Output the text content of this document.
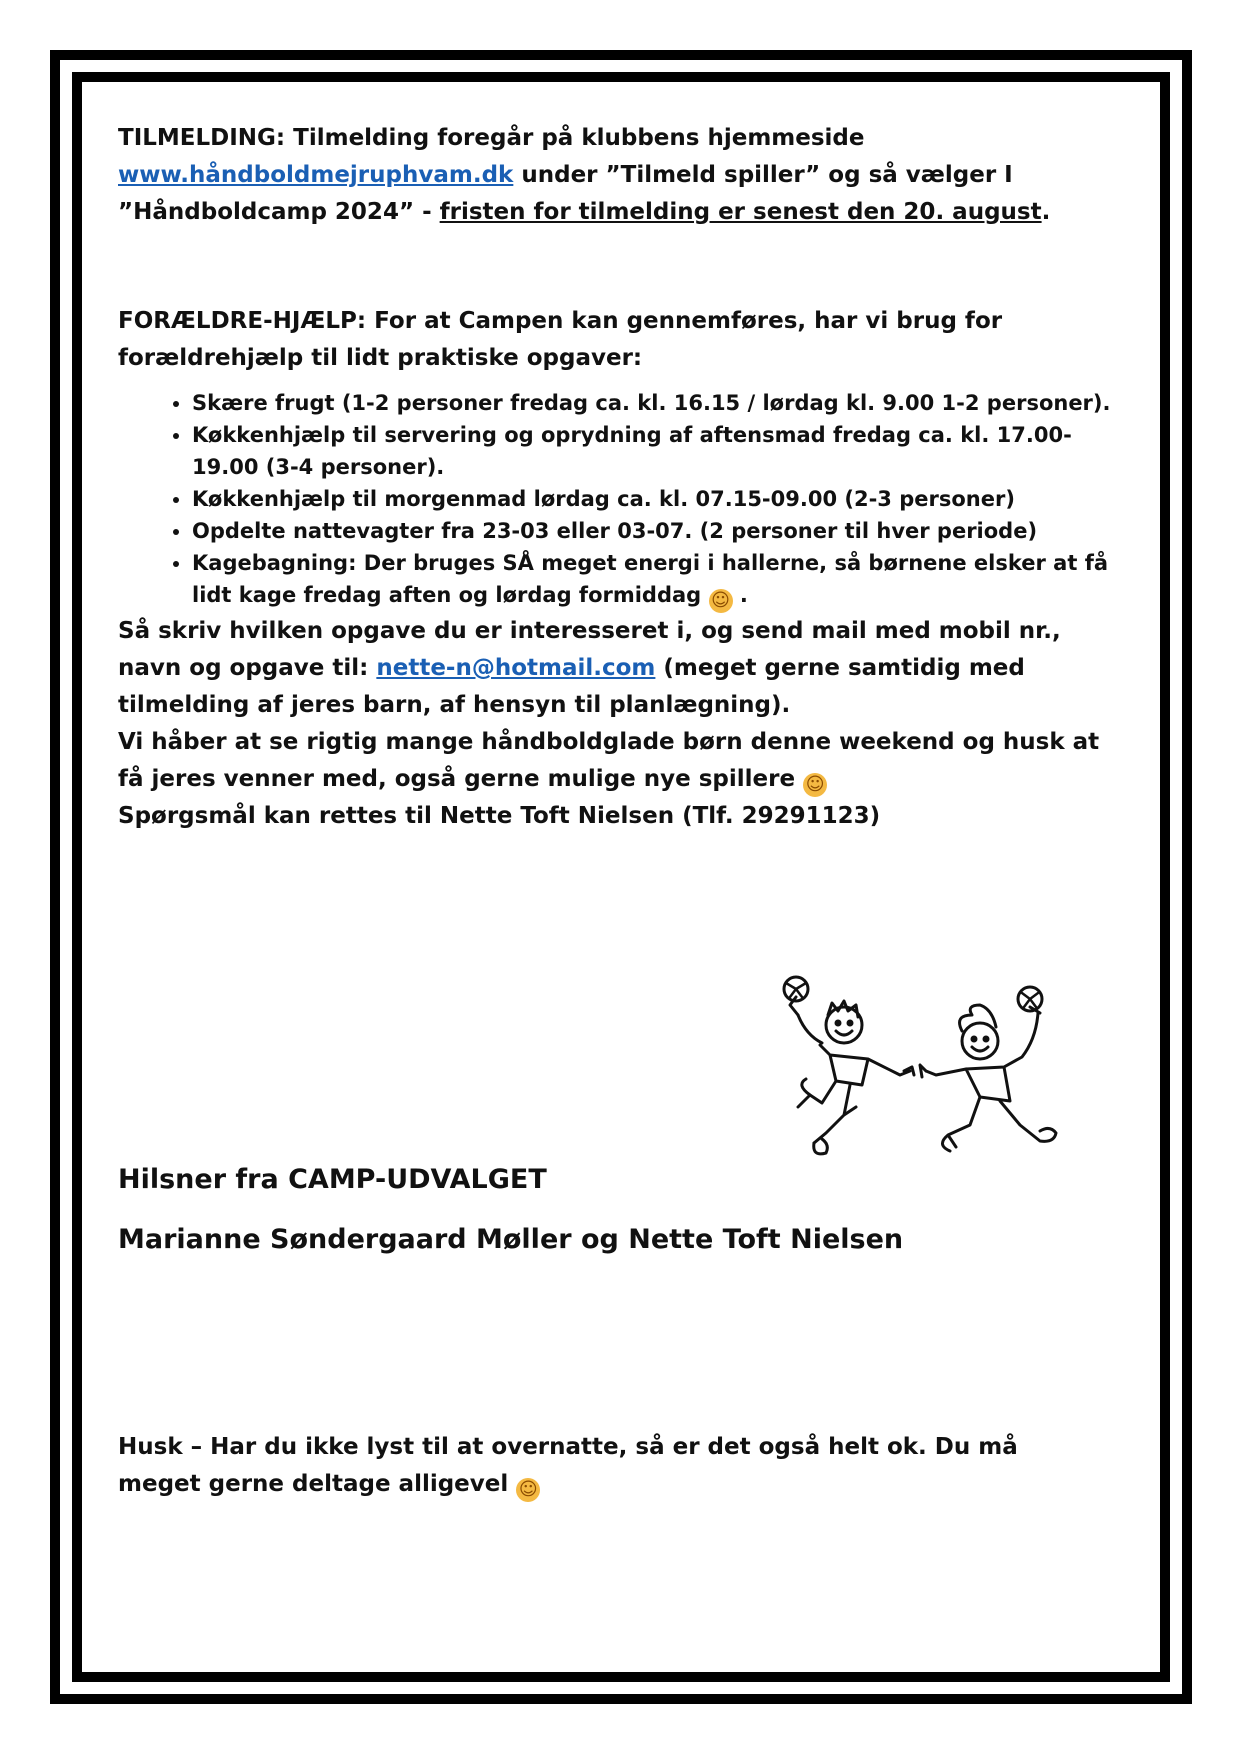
TILMELDING: Tilmelding foregår på klubbens hjemmeside www.håndboldmejruphvam.dk under ”Tilmeld spiller” og så vælger I ”Håndboldcamp 2024” - fristen for tilmelding er senest den 20. august.

FORÆLDRE-HJÆLP: For at Campen kan gennemføres, har vi brug for forældrehjælp til lidt praktiske opgaver:

• Skære frugt (1-2 personer fredag ca. kl. 16.15 / lørdag kl. 9.00 1-2 personer).
• Køkkenhjælp til servering og oprydning af aftensmad fredag ca. kl. 17.00-19.00 (3-4 personer).
• Køkkenhjælp til morgenmad lørdag ca. kl. 07.15-09.00 (2-3 personer)
• Opdelte nattevagter fra 23-03 eller 03-07. (2 personer til hver periode)
• Kagebagning: Der bruges SÅ meget energi i hallerne, så børnene elsker at få lidt kage fredag aften og lørdag formiddag ☺ .

Så skriv hvilken opgave du er interesseret i, og send mail med mobil nr., navn og opgave til: nette-n@hotmail.com (meget gerne samtidig med tilmelding af jeres barn, af hensyn til planlægning).

Vi håber at se rigtig mange håndboldglade børn denne weekend og husk at få jeres venner med, også gerne mulige nye spillere ☺

Spørgsmål kan rettes til Nette Toft Nielsen (Tlf. 29291123)

Hilsner fra CAMP-UDVALGET

Marianne Søndergaard Møller og Nette Toft Nielsen

Husk – Har du ikke lyst til at overnatte, så er det også helt ok. Du må meget gerne deltage alligevel ☺
